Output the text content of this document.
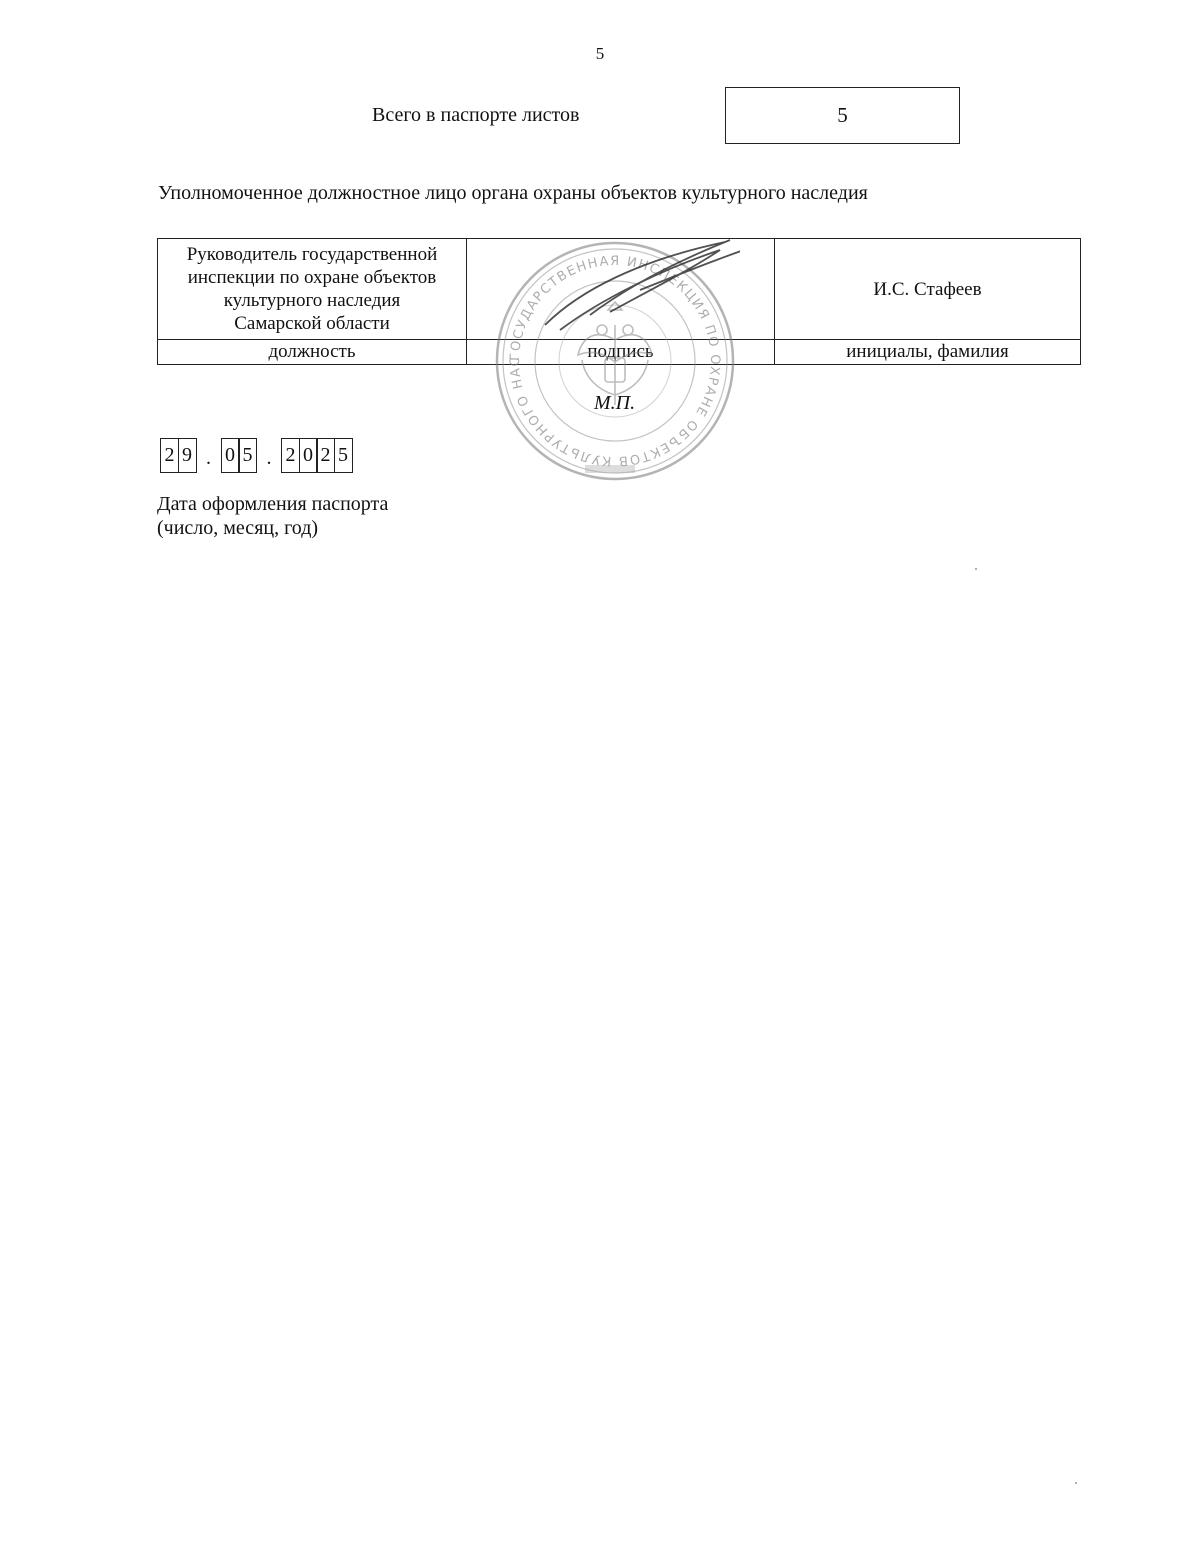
5
Всего в паспорте листов	5
Уполномоченное должностное лицо органа охраны объектов культурного наследия
Руководитель государственной
инспекции по охране объектов
культурного наследия
Самарской области		И.С. Стафеев
должность	подпись	инициалы, фамилия
ГОСУДАРСТВЕННАЯ ИНСПЕКЦИЯ ПО ОХРАНЕ ОБЪЕКТОВ КУЛЬТУРНОГО НАС
М.П.
2 9 . 0 5 . 2 0 2 5
Дата оформления паспорта
(число, месяц, год)
